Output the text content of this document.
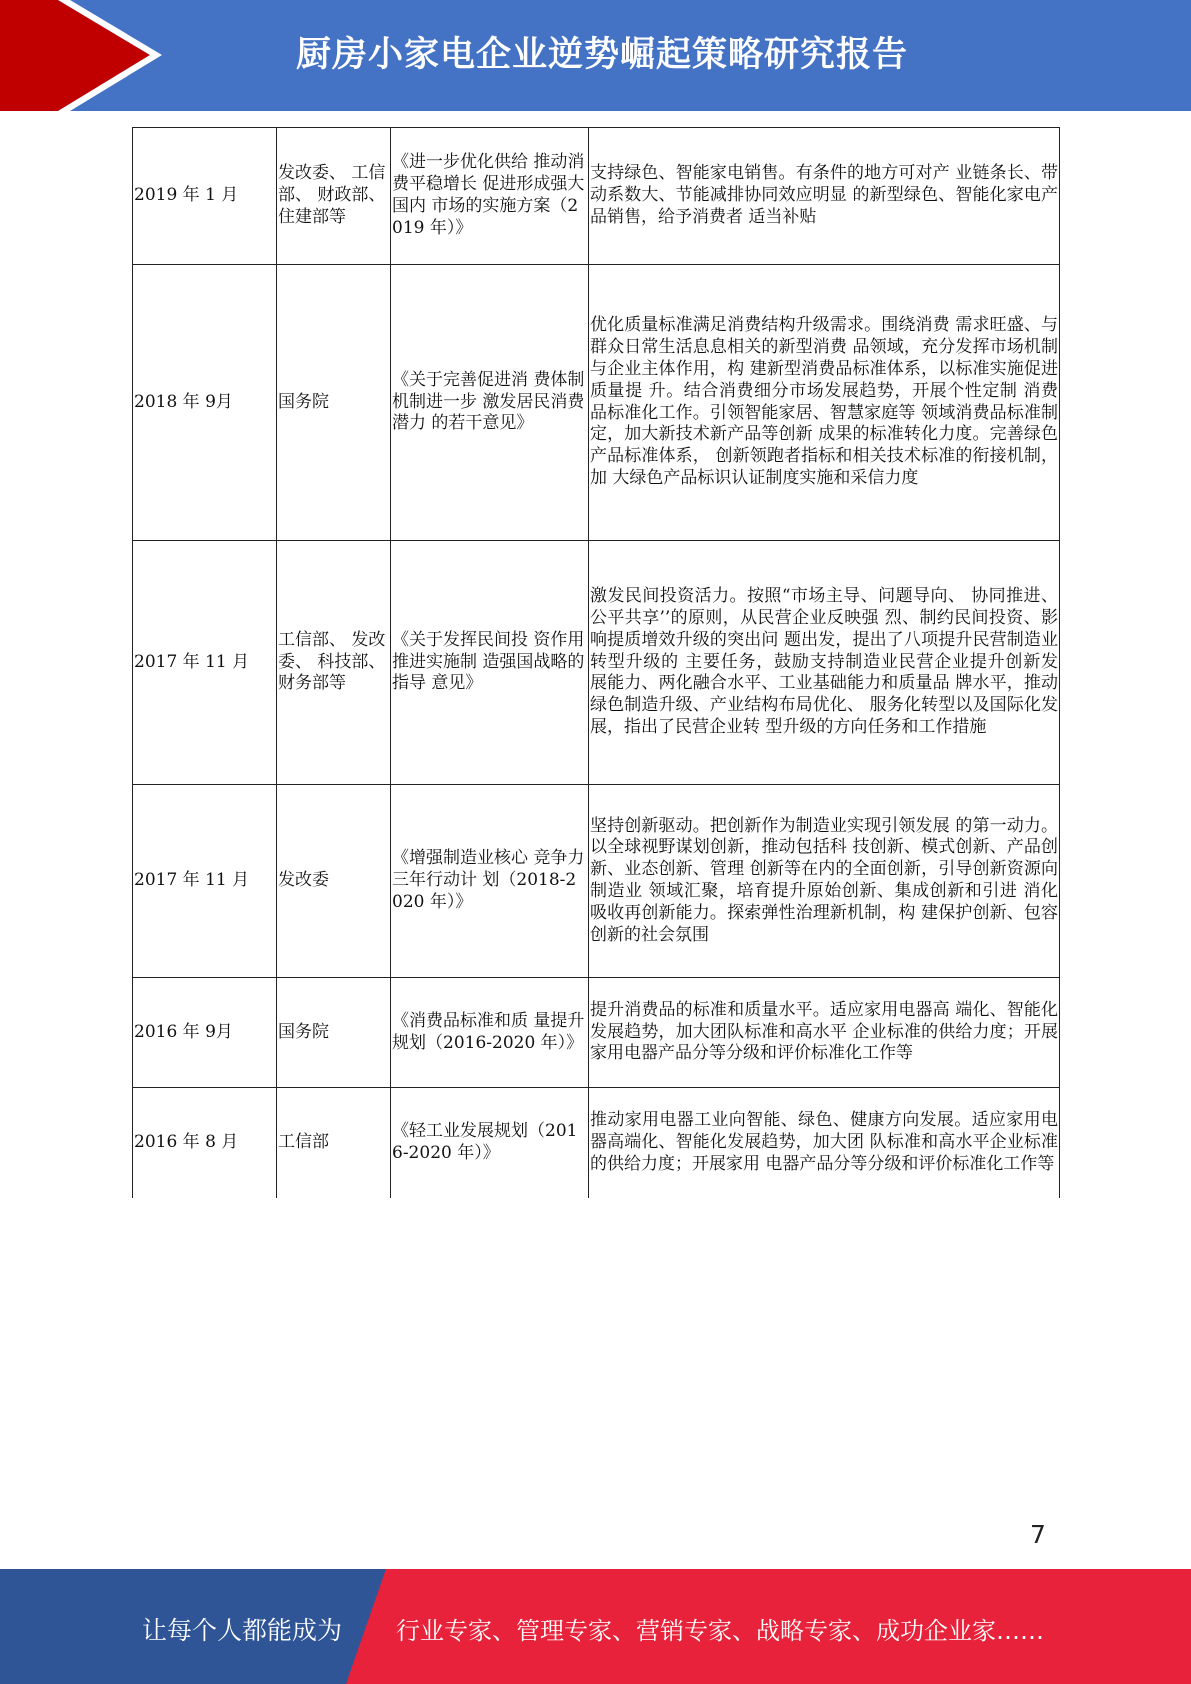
厨房小家电企业逆势崛起策略研究报告
2019 年 1 月	发改委、 工信部、 财政部、 住建部等	《进一步优化供给 推动消费平稳增长 促进形成强大国内 市场的实施方案（2019 年）》	支持绿色、智能家电销售。有条件的地方可对产 业链条长、带动系数大、节能减排协同效应明显 的新型绿色、智能化家电产品销售，给予消费者 适当补贴
2018 年 9月	国务院	《关于完善促进消 费体制机制进一步 激发居民消费潜力 的若干意见》	优化质量标准满足消费结构升级需求。围绕消费 需求旺盛、与群众日常生活息息相关的新型消费 品领域，充分发挥市场机制与企业主体作用，构 建新型消费品标准体系，以标准实施促进质量提 升。结合消费细分市场发展趋势，开展个性定制 消费品标准化工作。引领智能家居、智慧家庭等 领域消费品标准制定，加大新技术新产品等创新 成果的标准转化力度。完善绿色产品标准体系， 创新领跑者指标和相关技术标准的衔接机制，加 大绿色产品标识认证制度实施和采信力度
2017 年 11 月	工信部、 发改委、 科技部、 财务部等	《关于发挥民间投 资作用推进实施制 造强国战略的指导 意见》	激发民间投资活力。按照“市场主导、问题导向、 协同推进、公平共享’’的原则，从民营企业反映强 烈、制约民间投资、影响提质增效升级的突出问 题出发，提出了八项提升民营制造业转型升级的 主要任务，鼓励支持制造业民营企业提升创新发 展能力、两化融合水平、工业基础能力和质量品 牌水平，推动绿色制造升级、产业结构布局优化、 服务化转型以及国际化发展，指出了民营企业转 型升级的方向任务和工作措施
2017 年 11 月	发改委	《增强制造业核心 竞争力三年行动计 划（2018-2020 年）》	坚持创新驱动。把创新作为制造业实现引领发展 的第一动力。以全球视野谋划创新，推动包括科 技创新、模式创新、产品创新、业态创新、管理 创新等在内的全面创新，引导创新资源向制造业 领域汇聚，培育提升原始创新、集成创新和引进 消化吸收再创新能力。探索弹性治理新机制，构 建保护创新、包容创新的社会氛围
2016 年 9月	国务院	《消费品标准和质 量提升规划（2016-2020 年）》	提升消费品的标准和质量水平。适应家用电器高 端化、智能化发展趋势，加大团队标准和高水平 企业标准的供给力度；开展家用电器产品分等分级和评价标准化工作等
2016 年 8 月	工信部	《轻工业发展规划（2016-2020 年）》	推动家用电器工业向智能、绿色、健康方向发展。适应家用电器高端化、智能化发展趋势，加大团 队标准和高水平企业标准的供给力度；开展家用 电器产品分等分级和评价标准化工作等
7
让每个人都能成为 行业专家、管理专家、营销专家、战略专家、成功企业家……
